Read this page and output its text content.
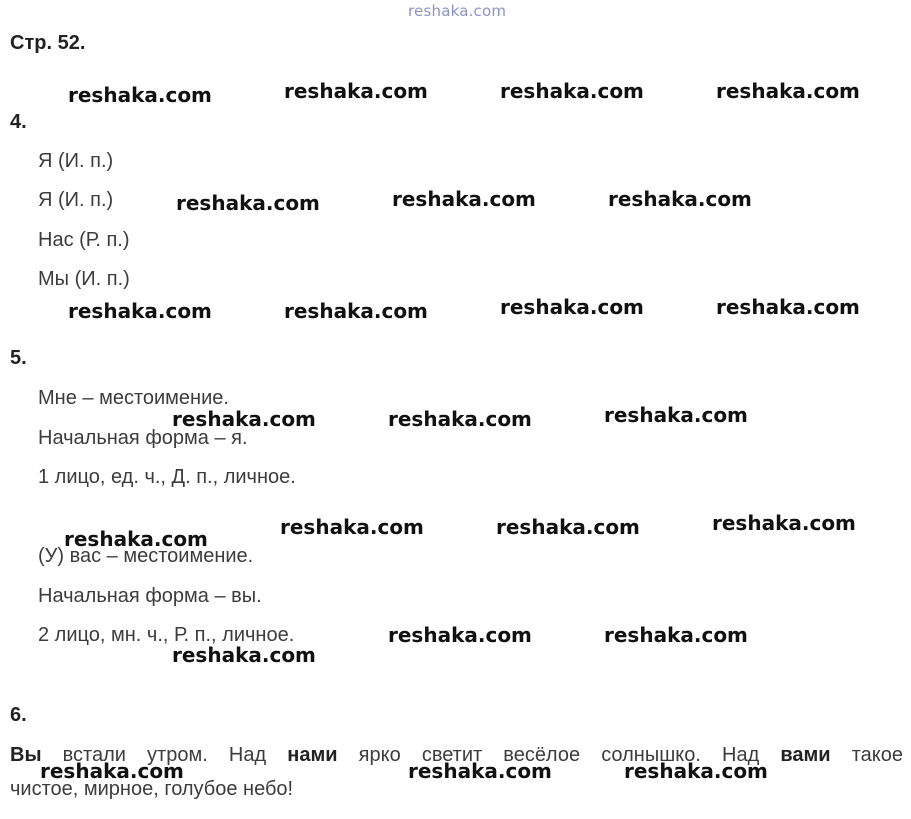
reshaka.com
Стр. 52.
4.
Я (И. п.)
Я (И. п.)
Нас (Р. п.)
Мы (И. п.)
5.
Мне – местоимение.
Начальная форма – я.
1 лицо, ед. ч., Д. п., личное.
(У) вас – местоимение.
Начальная форма – вы.
2 лицо, мн. ч., Р. п., личное.
6.
Вы встали утром. Над нами ярко светит весёлое солнышко. Над вами такое
чистое, мирное, голубое небо!
reshaka.com	reshaka.com	reshaka.com	reshaka.com
reshaka.com	reshaka.com	reshaka.com
reshaka.com	reshaka.com	reshaka.com	reshaka.com
reshaka.com	reshaka.com	reshaka.com
reshaka.com	reshaka.com	reshaka.com	reshaka.com
reshaka.com	reshaka.com
reshaka.com
reshaka.com	reshaka.com	reshaka.com
